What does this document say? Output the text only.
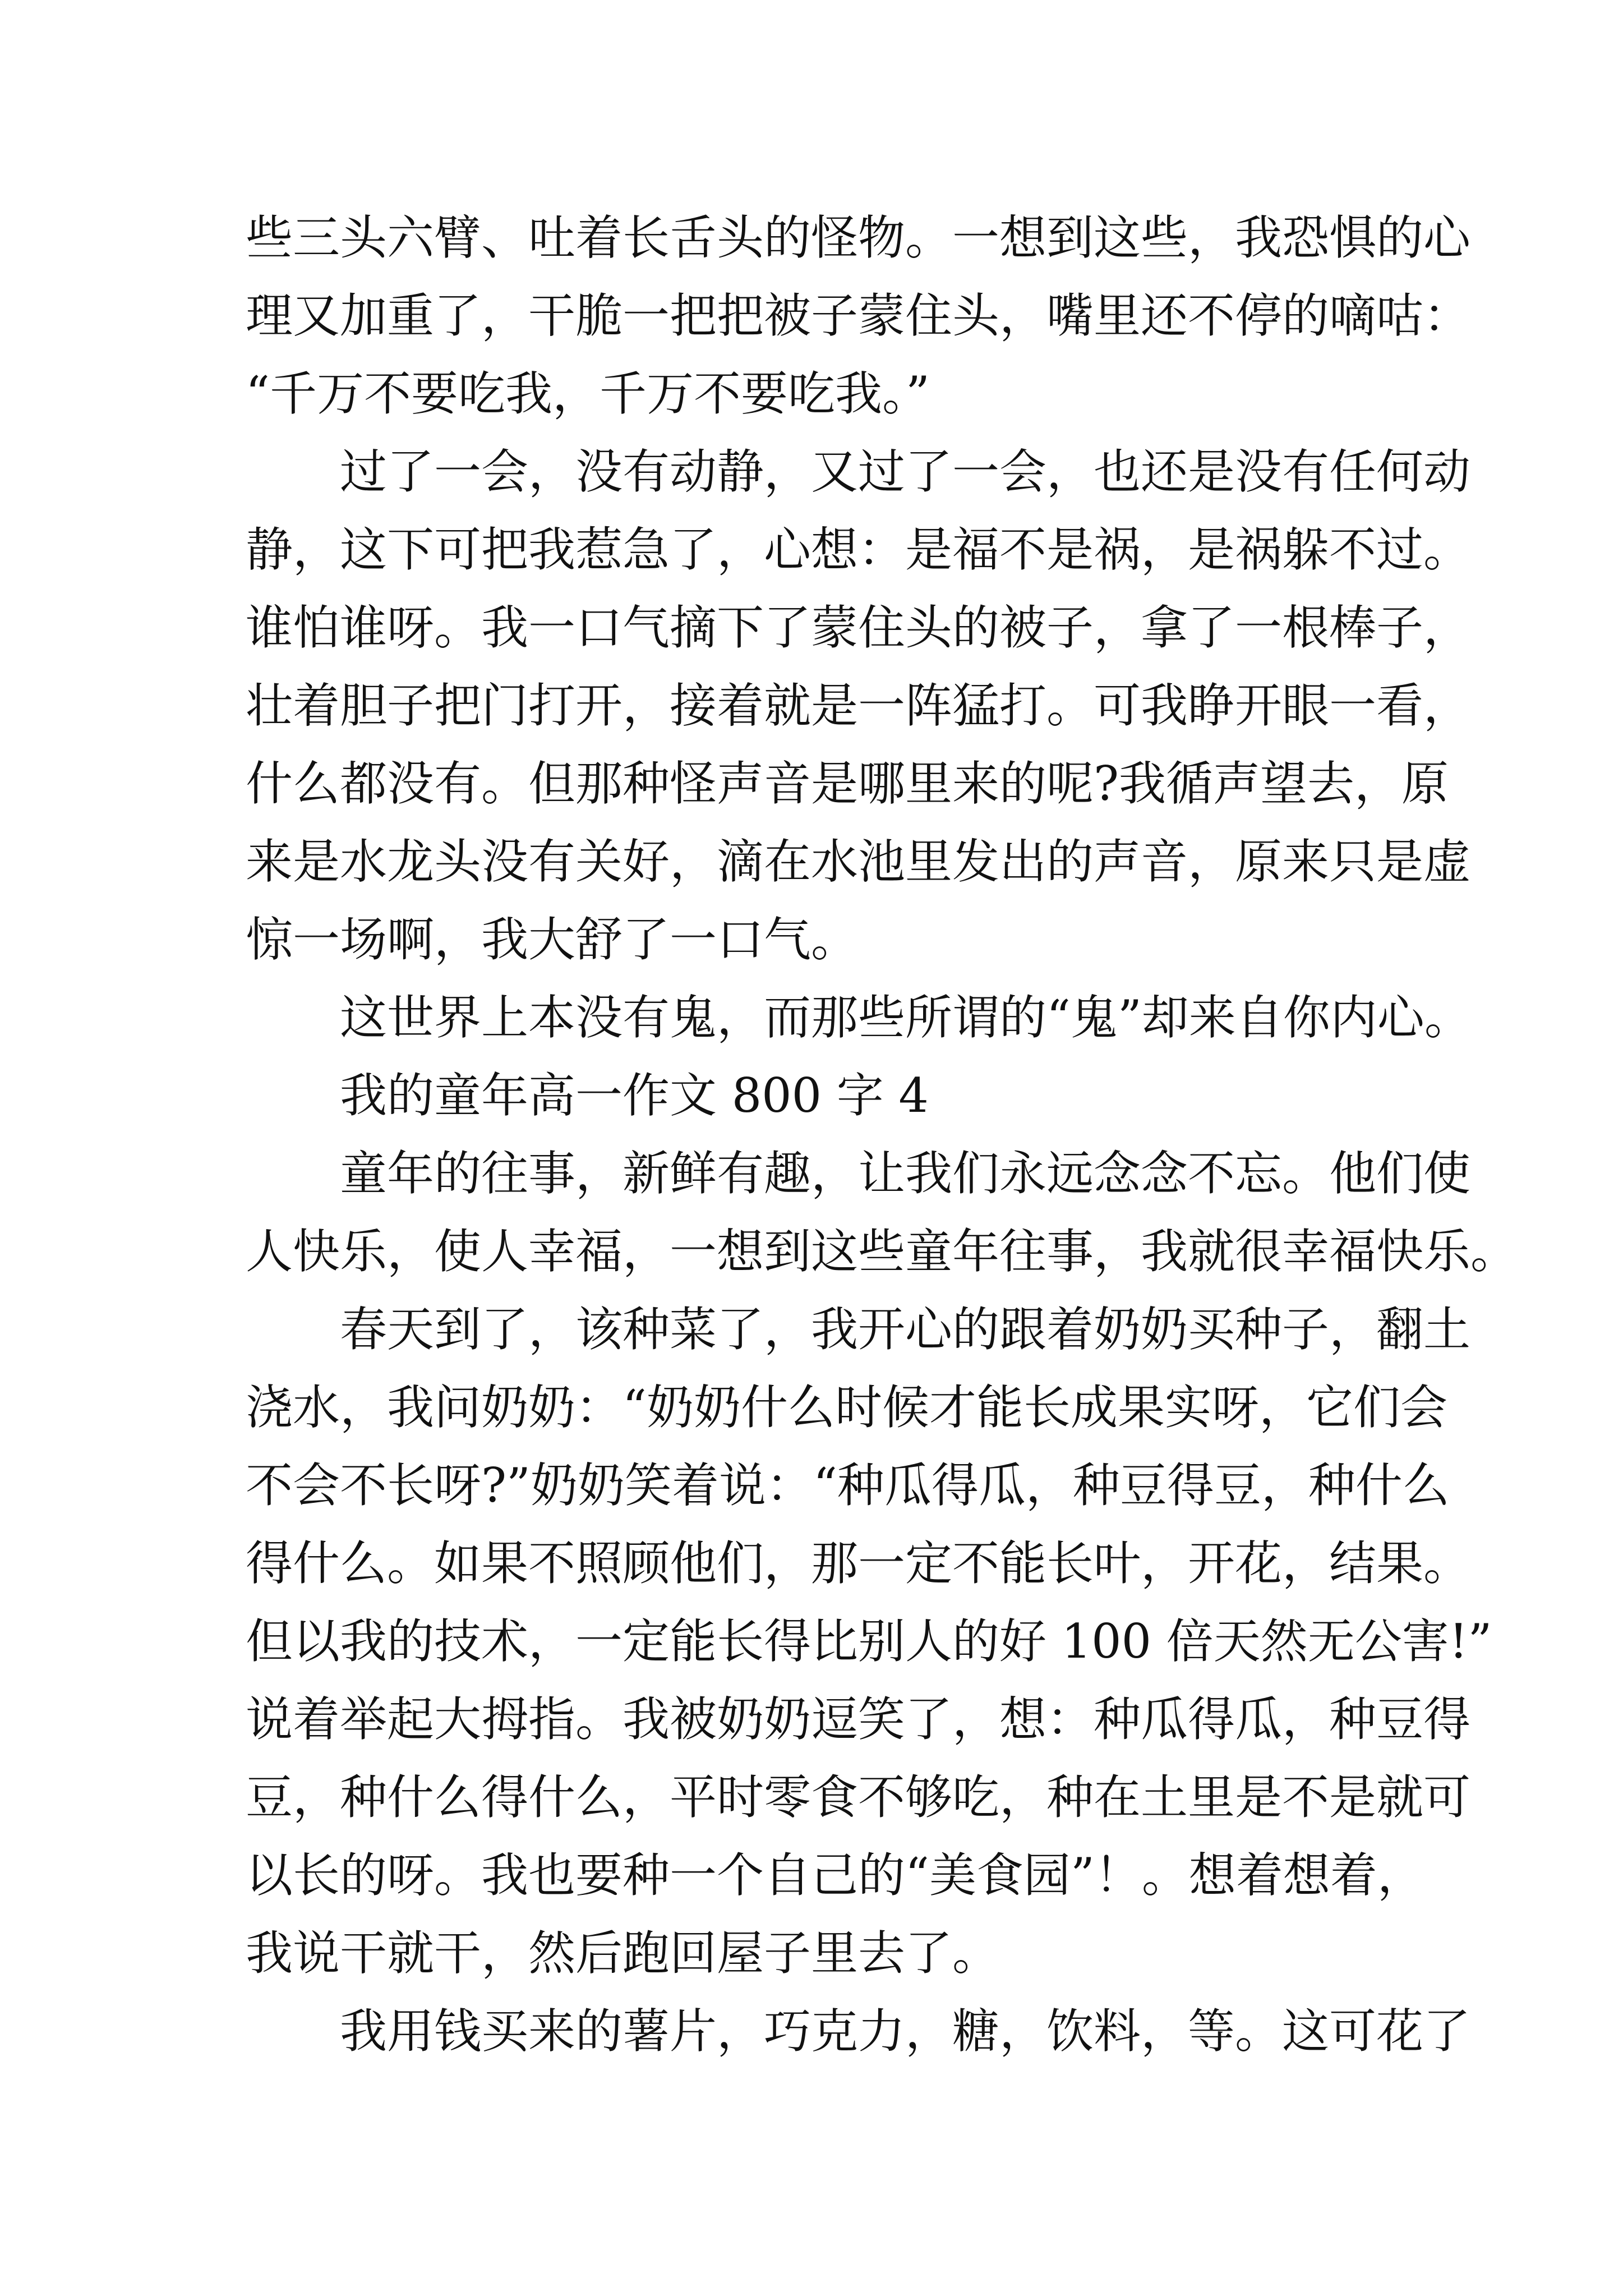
些三头六臂、吐着长舌头的怪物。一想到这些，我恐惧的心
理又加重了，干脆一把把被子蒙住头，嘴里还不停的嘀咕：
“千万不要吃我，千万不要吃我。”
过了一会，没有动静，又过了一会，也还是没有任何动
静，这下可把我惹急了，心想：是福不是祸，是祸躲不过。
谁怕谁呀。我一口气摘下了蒙住头的被子，拿了一根棒子，
壮着胆子把门打开，接着就是一阵猛打。可我睁开眼一看，
什么都没有。但那种怪声音是哪里来的呢?我循声望去，原
来是水龙头没有关好，滴在水池里发出的声音，原来只是虚
惊一场啊，我大舒了一口气。
这世界上本没有鬼，而那些所谓的“鬼”却来自你内心。
我的童年高一作文 800 字 4
童年的往事，新鲜有趣，让我们永远念念不忘。他们使
人快乐，使人幸福，一想到这些童年往事，我就很幸福快乐。
春天到了，该种菜了，我开心的跟着奶奶买种子，翻土
浇水，我问奶奶：“奶奶什么时候才能长成果实呀，它们会
不会不长呀?”奶奶笑着说：“种瓜得瓜，种豆得豆，种什么
得什么。如果不照顾他们，那一定不能长叶，开花，结果。
但以我的技术，一定能长得比别人的好 100 倍天然无公害!”
说着举起大拇指。我被奶奶逗笑了，想：种瓜得瓜，种豆得
豆，种什么得什么，平时零食不够吃，种在土里是不是就可
以长的呀。我也要种一个自己的“美食园”！。想着想着，
我说干就干，然后跑回屋子里去了。
我用钱买来的薯片，巧克力，糖，饮料，等。这可花了
